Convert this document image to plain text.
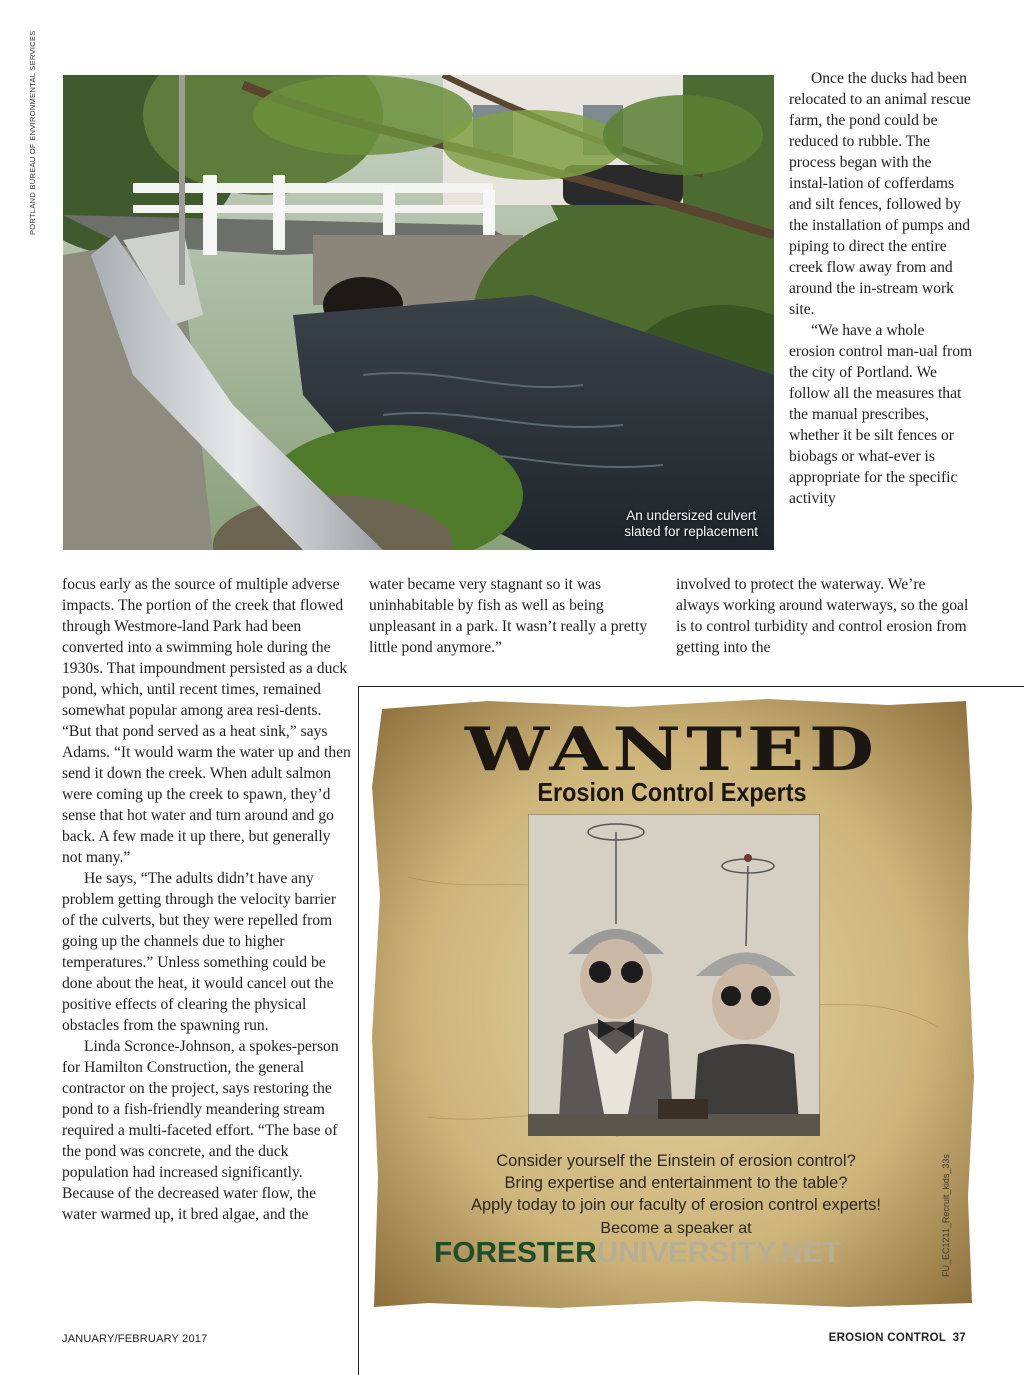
PORTLAND BUREAU OF ENVIRONMENTAL SERVICES
An undersized culvert
slated for replacement

Once the ducks had been relocated to an animal rescue farm, the pond could be reduced to rubble. The process began with the instal-lation of cofferdams and silt fences, followed by the installation of pumps and piping to direct the entire creek flow away from and around the in-stream work site.

“We have a whole erosion control man-ual from the city of Portland. We follow all the measures that the manual prescribes, whether it be silt fences or biobags or what-ever is appropriate for the specific activity

focus early as the source of multiple adverse impacts. The portion of the creek that flowed through Westmore-land Park had been converted into a swimming hole during the 1930s. That impoundment persisted as a duck pond, which, until recent times, remained somewhat popular among area resi-dents. “But that pond served as a heat sink,” says Adams. “It would warm the water up and then send it down the creek. When adult salmon were coming up the creek to spawn, they’d sense that hot water and turn around and go back. A few made it up there, but generally not many.”

He says, “The adults didn’t have any problem getting through the velocity barrier of the culverts, but they were repelled from going up the channels due to higher temperatures.” Unless something could be done about the heat, it would cancel out the positive effects of clearing the physical obstacles from the spawning run.

Linda Scronce-Johnson, a spokes-person for Hamilton Construction, the general contractor on the project, says restoring the pond to a fish-friendly meandering stream required a multi-faceted effort. “The base of the pond was concrete, and the duck population had increased significantly. Because of the decreased water flow, the water warmed up, it bred algae, and the

water became very stagnant so it was uninhabitable by fish as well as being unpleasant in a park. It wasn’t really a pretty little pond anymore.”

involved to protect the waterway. We’re always working around waterways, so the goal is to control turbidity and control erosion from getting into the

WANTED
Erosion Control Experts
FU_EC1211_Recruit_kids_33s
Consider yourself the Einstein of erosion control?
Bring expertise and entertainment to the table?
Apply today to join our faculty of erosion control experts!
Become a speaker at
FORESTERUNIVERSITY.NET
JANUARY/FEBRUARY 2017	EROSION CONTROL 37
